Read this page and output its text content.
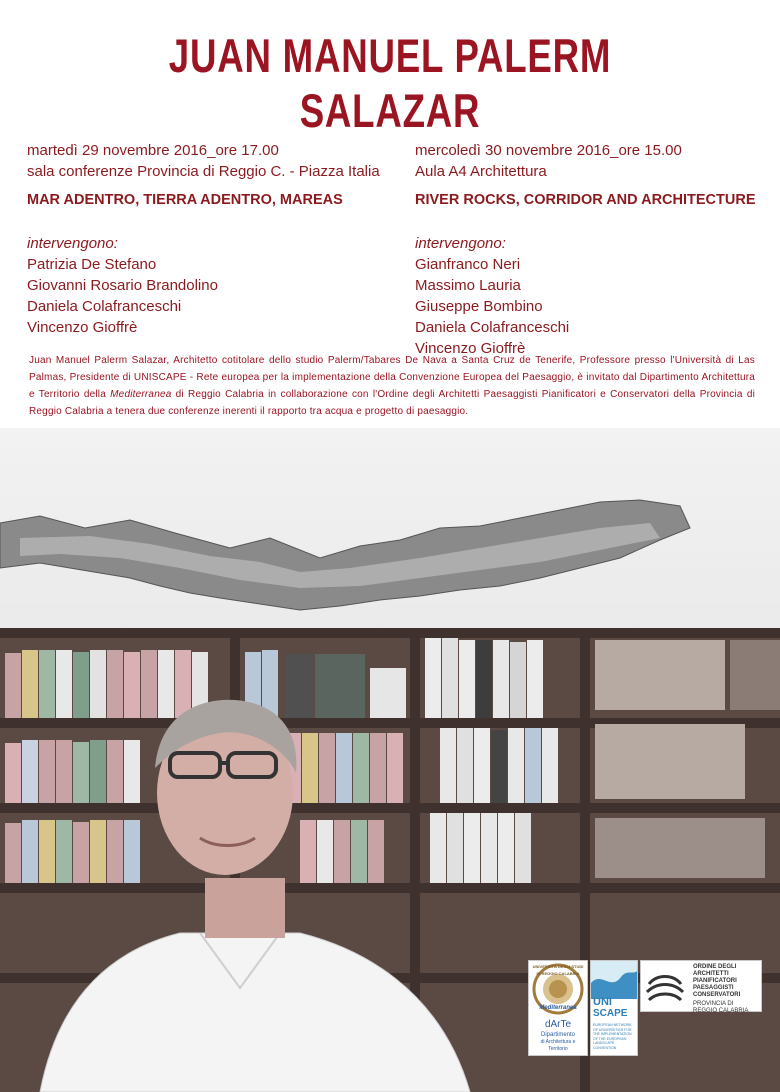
JUAN MANUEL PALERM SALAZAR
martedì 29 novembre 2016_ore 17.00
sala conferenze Provincia di Reggio C. - Piazza Italia
MAR ADENTRO, TIERRA ADENTRO, MAREAS
intervengono:
Patrizia De Stefano
Giovanni Rosario Brandolino
Daniela Colafranceschi
Vincenzo Gioffrè
mercoledì 30 novembre 2016_ore 15.00
Aula A4 Architettura
RIVER ROCKS, CORRIDOR AND ARCHITECTURE
intervengono:
Gianfranco Neri
Massimo Lauria
Giuseppe Bombino
Daniela Colafranceschi
Vincenzo Gioffrè
Juan Manuel Palerm Salazar, Architetto cotitolare dello studio Palerm/Tabares De Nava a Santa Cruz de Tenerife, Professore presso l'Università di Las Palmas, Presidente di UNISCAPE - Rete europea per la implementazione della Convenzione Europea del Paesaggio, è invitato dal Dipartimento Architettura e Territorio della Mediterranea di Reggio Calabria in collaborazione con l'Ordine degli Architetti Paesaggisti Pianificatori e Conservatori della Provincia di Reggio Calabria a tenera due conferenze inerenti il rapporto tra acqua e progetto di paesaggio.
UNIVERSITÀ DEGLI STUDI DI REGGIO CALABRIA
Mediterranea
dArTe
Dipartimento
di Architettura e Territorio
UNI
SCAPE
EUROPEAN NETWORK OF UNIVERSITIES FOR THE IMPLEMENTATION OF THE EUROPEAN LANDSCAPE CONVENTION
ORDINE DEGLI
ARCHITETTI
PIANIFICATORI
PAESAGGISTI
CONSERVATORI
PROVINCIA DI
REGGIO CALABRIA
